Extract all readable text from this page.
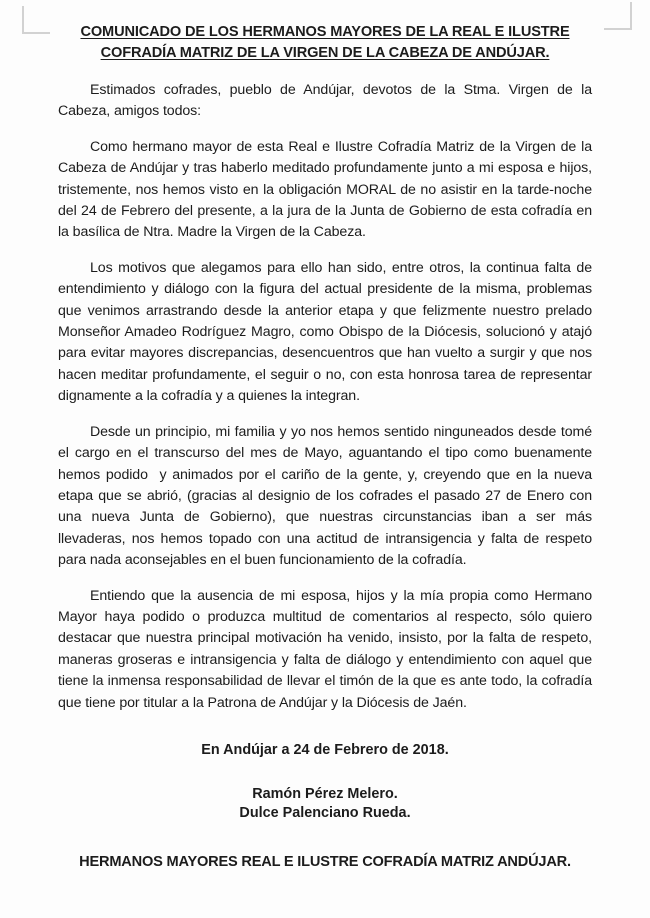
COMUNICADO DE LOS HERMANOS MAYORES DE LA REAL E ILUSTRE
COFRADÍA MATRIZ DE LA VIRGEN DE LA CABEZA DE ANDÚJAR.

Estimados cofrades, pueblo de Andújar, devotos de la Stma. Virgen de la Cabeza, amigos todos:

Como hermano mayor de esta Real e Ilustre Cofradía Matriz de la Virgen de la Cabeza de Andújar y tras haberlo meditado profundamente junto a mi esposa e hijos, tristemente, nos hemos visto en la obligación MORAL de no asistir en la tarde-noche del 24 de Febrero del presente, a la jura de la Junta de Gobierno de esta cofradía en la basílica de Ntra. Madre la Virgen de la Cabeza.

Los motivos que alegamos para ello han sido, entre otros, la continua falta de entendimiento y diálogo con la figura del actual presidente de la misma, problemas que venimos arrastrando desde la anterior etapa y que felizmente nuestro prelado Monseñor Amadeo Rodríguez Magro, como Obispo de la Diócesis, solucionó y atajó para evitar mayores discrepancias, desencuentros que han vuelto a surgir y que nos hacen meditar profundamente, el seguir o no, con esta honrosa tarea de representar dignamente a la cofradía y a quienes la integran.

Desde un principio, mi familia y yo nos hemos sentido ninguneados desde tomé el cargo en el transcurso del mes de Mayo, aguantando el tipo como buenamente hemos podido  y animados por el cariño de la gente, y, creyendo que en la nueva etapa que se abrió, (gracias al designio de los cofrades el pasado 27 de Enero con una nueva Junta de Gobierno), que nuestras circunstancias iban a ser más llevaderas, nos hemos topado con una actitud de intransigencia y falta de respeto para nada aconsejables en el buen funcionamiento de la cofradía.

Entiendo que la ausencia de mi esposa, hijos y la mía propia como Hermano Mayor haya podido o produzca multitud de comentarios al respecto, sólo quiero destacar que nuestra principal motivación ha venido, insisto, por la falta de respeto, maneras groseras e intransigencia y falta de diálogo y entendimiento con aquel que tiene la inmensa responsabilidad de llevar el timón de la que es ante todo, la cofradía que tiene por titular a la Patrona de Andújar y la Diócesis de Jaén.

En Andújar a 24 de Febrero de 2018.

Ramón Pérez Melero.

Dulce Palenciano Rueda.

HERMANOS MAYORES REAL E ILUSTRE COFRADÍA MATRIZ ANDÚJAR.
